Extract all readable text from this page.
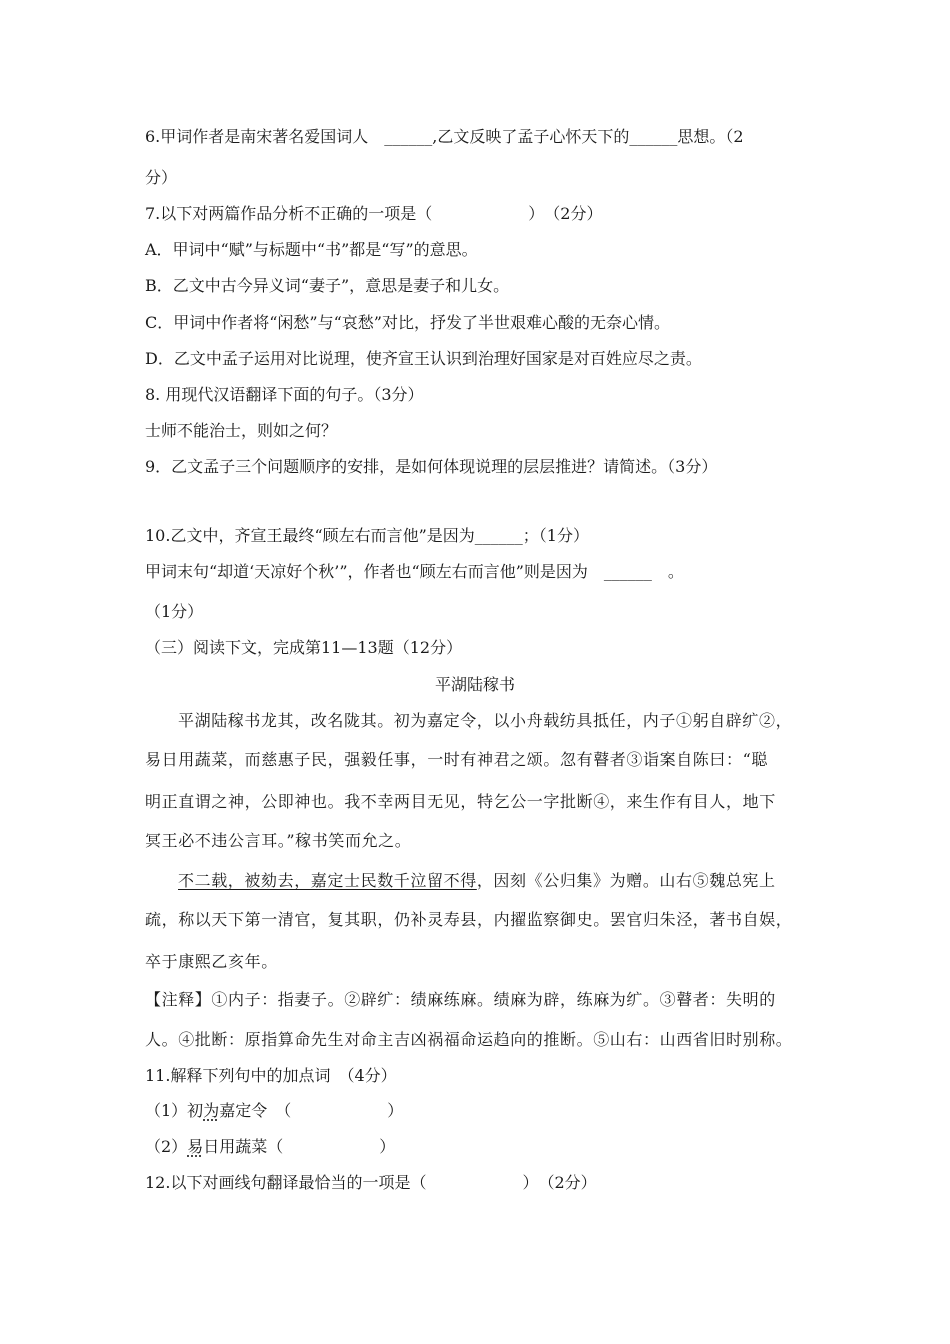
6.甲词作者是南宋著名爱国词人　______,乙文反映了孟子心怀天下的______思想。（2
分）
7.以下对两篇作品分析不正确的一项是（　　　　　　）　（2分）
A．甲词中“赋”与标题中“书”都是“写”的意思。
B．乙文中古今异义词“妻子”，意思是妻子和儿女。
C．甲词中作者将“闲愁”与“哀愁”对比，抒发了半世艰难心酸的无奈心情。
D．乙文中孟子运用对比说理，使齐宣王认识到治理好国家是对百姓应尽之责。
8. 用现代汉语翻译下面的句子。（3分）
士师不能治士，则如之何？
9．乙文孟子三个问题顺序的安排，是如何体现说理的层层推进？请简述。（3分）
10.乙文中，齐宣王最终“顾左右而言他”是因为______；（1分）
甲词末句“却道‘天凉好个秋’”，作者也“顾左右而言他”则是因为　______　。
（1分）
（三）阅读下文，完成第11—13题（12分）
平湖陆稼书
平湖陆稼书龙其，改名陇其。初为嘉定令，以小舟载纺具抵任，内子①躬自辟纩②，
易日用蔬菜，而慈惠子民，强毅任事，一时有神君之颂。忽有瞽者③诣案自陈曰：“聪
明正直谓之神，公即神也。我不幸两目无见，特乞公一字批断④，来生作有目人，地下
冥王必不违公言耳。”稼书笑而允之。
不二载，被劾去，嘉定士民数千泣留不得，因刻《公归集》为赠。山右⑤魏总宪上
疏，称以天下第一清官，复其职，仍补灵寿县，内擢监察御史。罢官归朱泾，著书自娱，
卒于康熙乙亥年。
【注释】①内子：指妻子。②辟纩：绩麻练麻。绩麻为辟，练麻为纩。③瞽者：失明的
人。④批断：原指算命先生对命主吉凶祸福命运趋向的推断。⑤山右：山西省旧时别称。
11.解释下列句中的加点词　（4分）
（1）初为嘉定令　（　　　　　　）
（2）易日用蔬菜（　　　　　　）
12.以下对画线句翻译最恰当的一项是（　　　　　　）　（2分）
